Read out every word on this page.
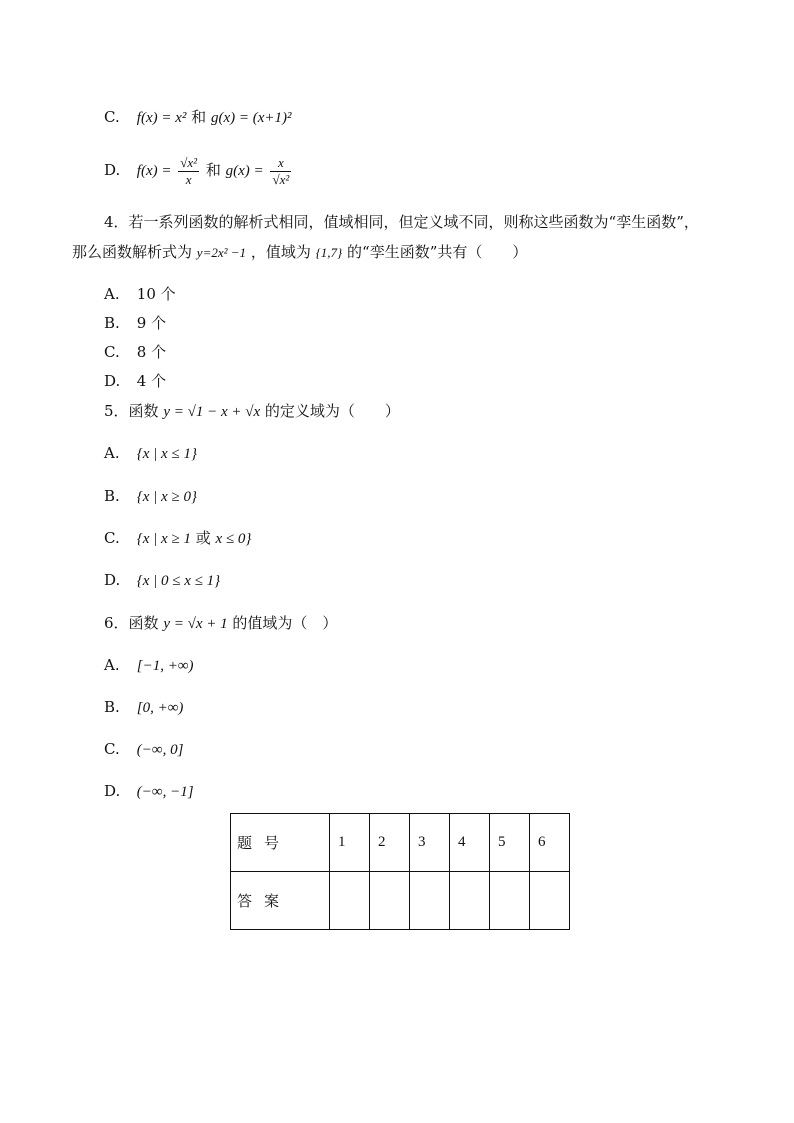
C. f(x) = x² 和 g(x) = (x+1)²
D. $f(x) = \frac{\text{√x²}}{x}$ 和 $g(x) = \frac{x}{\text{√x²}}$
4．若一系列函数的解析式相同，值域相同，但定义域不同，则称这些函数为“孪生函数”，
那么函数解析式为 y=2x² −1 ，值域为 {1,7} 的“孪生函数”共有（　　）
A. 10 个
B. 9 个
C. 8 个
D. 4 个
5．函数 y = √1 − x + √x 的定义域为（　　）
A. {x | x ≤ 1}
B. {x | x ≥ 0}
C. {x | x ≥ 1 或 x ≤ 0}
D. {x | 0 ≤ x ≤ 1}
6．函数 y = √x + 1 的值域为（　）
A. [−1, +∞)
B. [0, +∞)
C. (−∞, 0]
D. (−∞, −1]
题号	1	2	3	4	5	6
答案						
